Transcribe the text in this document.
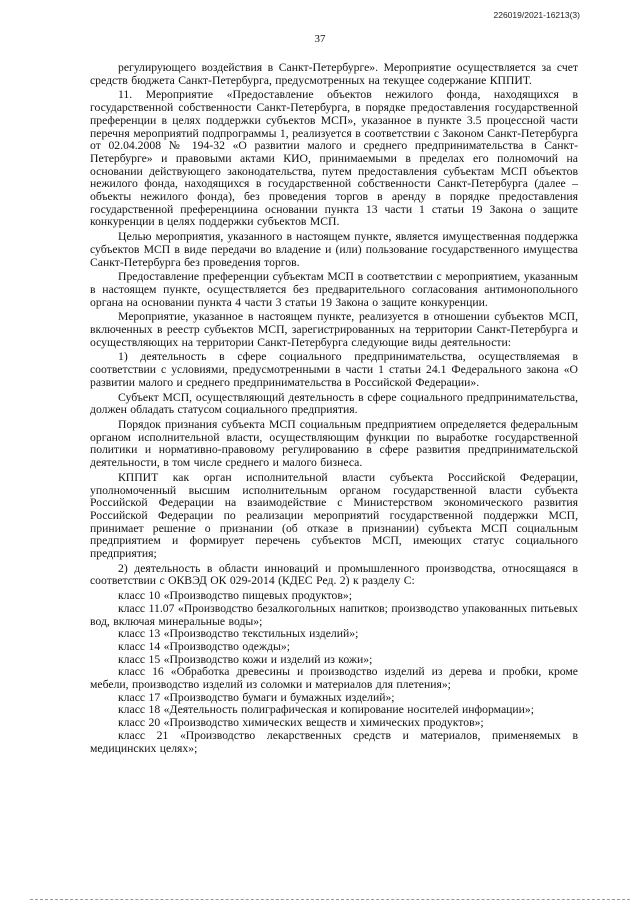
226019/2021-16213(3)
37

регулирующего воздействия в Санкт-Петербурге». Мероприятие осуществляется за счет средств бюджета Санкт-Петербурга, предусмотренных на текущее содержание КППИТ.

11. Мероприятие «Предоставление объектов нежилого фонда, находящихся в государственной собственности Санкт-Петербурга, в порядке предоставления государственной преференции в целях поддержки субъектов МСП», указанное в пункте 3.5 процессной части перечня мероприятий подпрограммы 1, реализуется в соответствии с Законом Санкт-Петербурга от 02.04.2008 № 194-32 «О развитии малого и среднего предпринимательства в Санкт-Петербурге» и правовыми актами КИО, принимаемыми в пределах его полномочий на основании действующего законодательства, путем предоставления субъектам МСП объектов нежилого фонда, находящихся в государственной собственности Санкт-Петербурга (далее – объекты нежилого фонда), без проведения торгов в аренду в порядке предоставления государственной преференциина основании пункта 13 части 1 статьи 19 Закона о защите конкуренции в целях поддержки субъектов МСП.

Целью мероприятия, указанного в настоящем пункте, является имущественная поддержка субъектов МСП в виде передачи во владение и (или) пользование государственного имущества Санкт-Петербурга без проведения торгов.

Предоставление преференции субъектам МСП в соответствии с мероприятием, указанным в настоящем пункте, осуществляется без предварительного согласования антимонопольного органа на основании пункта 4 части 3 статьи 19 Закона о защите конкуренции.

Мероприятие, указанное в настоящем пункте, реализуется в отношении субъектов МСП, включенных в реестр субъектов МСП, зарегистрированных на территории Санкт-Петербурга и осуществляющих на территории Санкт-Петербурга следующие виды деятельности:

1) деятельность в сфере социального предпринимательства, осуществляемая в соответствии с условиями, предусмотренными в части 1 статьи 24.1 Федерального закона «О развитии малого и среднего предпринимательства в Российской Федерации».

Субъект МСП, осуществляющий деятельность в сфере социального предпринимательства, должен обладать статусом социального предприятия.

Порядок признания субъекта МСП социальным предприятием определяется федеральным органом исполнительной власти, осуществляющим функции по выработке государственной политики и нормативно-правовому регулированию в сфере развития предпринимательской деятельности, в том числе среднего и малого бизнеса.

КППИТ как орган исполнительной власти субъекта Российской Федерации, уполномоченный высшим исполнительным органом государственной власти субъекта Российской Федерации на взаимодействие с Министерством экономического развития Российской Федерации по реализации мероприятий государственной поддержки МСП, принимает решение о признании (об отказе в признании) субъекта МСП социальным предприятием и формирует перечень субъектов МСП, имеющих статус социального предприятия;

2) деятельность в области инноваций и промышленного производства, относящаяся в соответствии с ОКВЭД ОК 029-2014 (КДЕС Ред. 2) к разделу С:

класс 10 «Производство пищевых продуктов»;

класс 11.07 «Производство безалкогольных напитков; производство упакованных питьевых вод, включая минеральные воды»;

класс 13 «Производство текстильных изделий»;

класс 14 «Производство одежды»;

класс 15 «Производство кожи и изделий из кожи»;

класс 16 «Обработка древесины и производство изделий из дерева и пробки, кроме мебели, производство изделий из соломки и материалов для плетения»;

класс 17 «Производство бумаги и бумажных изделий»;

класс 18 «Деятельность полиграфическая и копирование носителей информации»;

класс 20 «Производство химических веществ и химических продуктов»;

класс 21 «Производство лекарственных средств и материалов, применяемых в медицинских целях»;
